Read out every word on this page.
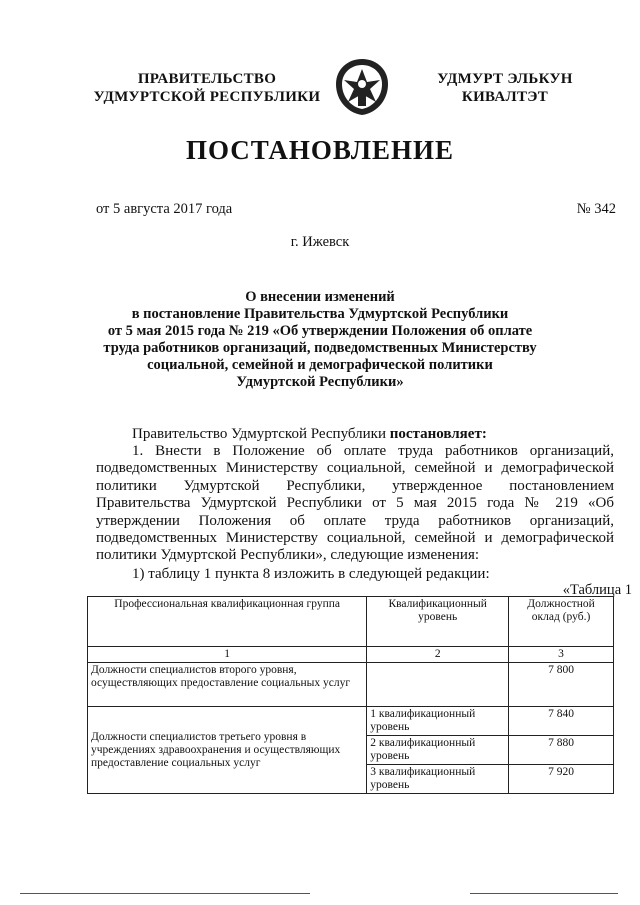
ПРАВИТЕЛЬСТВО
УДМУРТСКОЙ РЕСПУБЛИКИ
УДМУРТ ЭЛЬКУН
КИВАЛТЭТ
ПОСТАНОВЛЕНИЕ
от 5 августа 2017 года	№ 342
г. Ижевск
О внесении изменений
в постановление Правительства Удмуртской Республики
от 5 мая 2015 года № 219 «Об утверждении Положения об оплате
труда работников организаций, подведомственных Министерству
социальной, семейной и демографической политики
Удмуртской Республики»
Правительство Удмуртской Республики постановляет:
1. Внести в Положение об оплате труда работников организаций, подведомственных Министерству социальной, семейной и демографической политики Удмуртской Республики, утвержденное постановлением Правительства Удмуртской Республики от 5 мая 2015 года № 219 «Об утверждении Положения об оплате труда работников организаций, подведомственных Министерству социальной, семейной и демографической политики Удмуртской Республики», следующие изменения:
1) таблицу 1 пункта 8 изложить в следующей редакции:
«Таблица 1
Профессиональная квалификационная группа	Квалификационный уровень	Должностной оклад (руб.)
1	2	3
Должности специалистов второго уровня, осуществляющих предоставление социальных услуг		7 800
Должности специалистов третьего уровня в учреждениях здравоохранения и осуществляющих предоставление социальных услуг	1 квалификационный уровень	7 840
	2 квалификационный уровень	7 880
	3 квалификационный уровень	7 920
